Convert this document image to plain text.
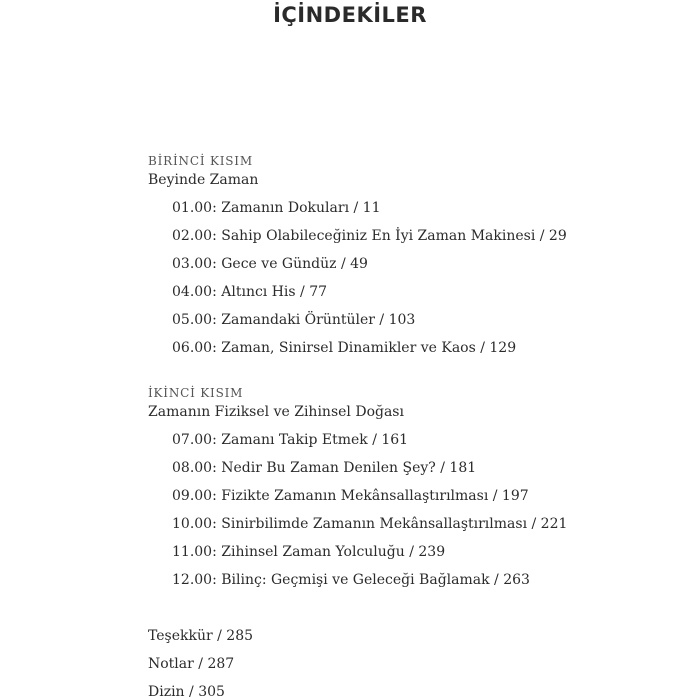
İÇİNDEKİLER
BİRİNCİ KISIM
Beyinde Zaman
01.00: Zamanın Dokuları / 11
02.00: Sahip Olabileceğiniz En İyi Zaman Makinesi / 29
03.00: Gece ve Gündüz / 49
04.00: Altıncı His / 77
05.00: Zamandaki Örüntüler / 103
06.00: Zaman, Sinirsel Dinamikler ve Kaos / 129
İKİNCİ KISIM
Zamanın Fiziksel ve Zihinsel Doğası
07.00: Zamanı Takip Etmek / 161
08.00: Nedir Bu Zaman Denilen Şey? / 181
09.00: Fizikte Zamanın Mekânsallaştırılması / 197
10.00: Sinirbilimde Zamanın Mekânsallaştırılması / 221
11.00: Zihinsel Zaman Yolculuğu / 239
12.00: Bilinç: Geçmişi ve Geleceği Bağlamak / 263
Teşekkür / 285
Notlar / 287
Dizin / 305
